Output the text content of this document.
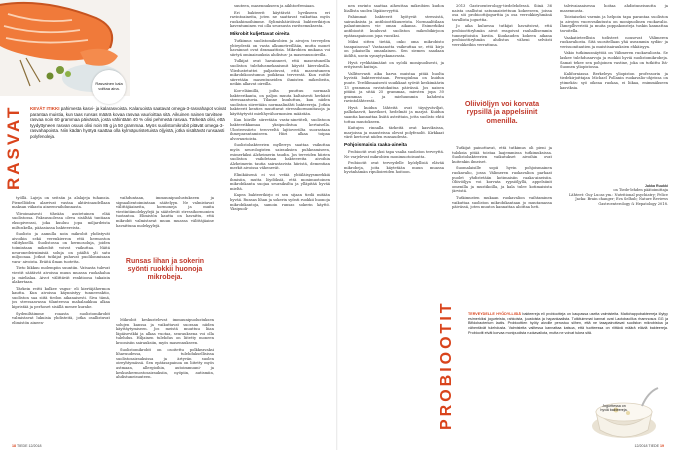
Rasvainen kala voittaa aina.
RASVAT KEVÄT ITIKKI pahimesta kasvi- ja kalarasvoista. Kalaruoista saatavat omega-3-rasvahapot voivat parantaa muistia, kun taas runsas määrä kovaa rasvaa vaurioittaa sitä. Aikuinen nainen tarvitsee rasvaa noin 60 grammaa päivässä, josta vähintään 40 % olisi pehmeää rasvaa. Tärkeää olisi, että tyydyttyneen rasvan osuus olisi noin 85 g ja 50 grammaa. Myös suolistomikrobit pitävät omega-3-rasvahapoista. Niin kädän hyötyä saattaa olla kylmäpuristetuista öljyistä, jotka sisältävät runsaasti polyfenoleja.

työllä. Lajeja on seitsän ja alalajeja tuhansia. Pienellöiden alarrivat vastaa aktiivinaudellaan maksan viikasta aineenvaihdunnasta.

Ylivoimaisesti tiheään asutetuinen elää suolistossa. Paksusuolessa oleva sisältää tuntiaan eksopivenssi, joka kuuluu jopa miljardeista miltoskella, pääasiassa bakteereista.

Suolisto ja aamulla noin mikrobit yhdistyvät aivoihin sekä verenkierron että hermoston välityksellä. Suolistossa on hermosolujа, joiden toimintaan mikrobit voivat vaikuttaa. Näitä neuronedeirnimisiä soluja on päältä yli satu miljoonaa. Jotkut tutkijat puhuvat puolilonmisaan vara- aivoista. Eräitä ilman tuotetta.

Tieto liikkuu molempiin suuntiin. Vatsasta tulevat viestit säätävät aivoissa muun muassa ruokahalua ja mielialaa. Aivot välittävät reaktioosa takaisin alakertaan.

Tärkein reitti kulkee vagus- eli kiertäjähermon kautta. Kun aivoissa käynnistyy tunnereaktio, suoliston saa siitä tiedon aikanaisesti. Siva tämä, jos stressaavassa tilanteessa mahalaukkua alkaa kipristää ja perhoset sisällä menee kurahe.

Sydeniltäimme roaasta suolistomikrobit valmistavat lukuisia yhdisteitä, jotka osallistuvat elimistön aineen-

vaihduntaan, immuunipuolustukseen ja signaalientoimintaan säätelyyn. Ne valmistavat välittäjäaineita, hormoneja ja muita viestintämolekyylejä ja säätelevät stressihormonien tuotantoa. Elimistön kautta on havaittu, että mikrobit valmistavat muun muassa välittäjäaine havaittuna molekyylejä.

Runsas lihan ja sokerin syönti ruokkii huonoja mikrobeja.

Mikrobit keskustelevat immuunipuolustuksen solujen kanssa ja vaikuttavat suoraan niiden käyttäytymiseen. Jos meistä muuttuu liian läpäisevikki ja alkaa vuotaa, seurauksena voi olla tulehdus. Hiljainen tulehdus on liitetty moneen kroonisiin sairauksiin, myös masennukseen.

Suolistomikrobit on osoitettu polkkeavaksi lihavuudessa, tulehduksellisissa suolistosairauksissa ja ärtyvän suolen oireyhtymässä. Sen epätasapainoa on liitetty myös astmaan, allergioihin, autoimmuuni- ja keskushermostosairauksiin, nyöpiin, autismiin, ahdistuneisuuteen.

suuteen, masennukseen ja aikhtorfreniaan.

Eri bakteerit käyttävät hyvikseen eri ravintoaineita, joten ne saattavat vaikuttaa myös ruokahimoihimme. Sylimishäiriöissä bakteerikirjon kaventuminen voi olla seurausta ravitsemuksesta.

Mikrobit kuljettavat oireita

Tutkimus suolistomikrobien ja aivojen terveyden yhteydestä on vasta alkumetreillään, mutta monet havainnot ovat dramaattisia. Mikrobien mukana voi siirtyä ominaisuuksia ahdistus- ja masennusoireilla.

Tulkijat ovat havainneet, että masentuneilla suoliston tulehdusmekanismit käyvät kierroksilla. Yliedustetuttei paljastuvat, että masentuneen mikrobikoostumus poikkeaa terveestä. Kun roitile siirretään masentuneiden ihmisten mikrobeita, neikin alkavat oireilla.

Koe-eläimillä, joilta puuttuu normaali bakteerikanta, on paljon muuta kaltaisesti herkästi stressaantuvia. Tilanne kuuluttuu, kun niiden suoliston siirretään normaalinähti bakteereja. Jotkin bakteerit kenties muuttavat stressihormonitasoja ja käyttäytyvät mielihyvähormonien määrään.

Kun hiirille siirretään vasta-ainetiteli, suolistoon bakteerikkamaa yksipuolistua kertaisella. Ulosteessiirto teroveeltä lajitoveriilta suorastaan ihmeparantamiseen. Hiiri alkaa toipaa alvovaurioista.

Suolistobakteerien myllerrys saattaa vaikuttaa myös neurologisten sairauksien puhkeamiseen, esimerkiksi Alzheimerin taudin. Jos terveiden hiirien suoliston vaihdetaan bakteereita aivoihin Alzheimerin tautia sairastavista hiiristä, dementian merkit aivoissa vähenevät.

Elinikäisenä ei voi vetää yhtäläisyysmerkkiä ihmisiin, mutta löydöksiä, että monimuotoinen mikrobikanta suojaa seuraiksilta ja ylläpitää hyvää mieltä.

Kapea bakteerikirjo ei sen sijaan tiedä mitään hyvää. Runsas lihan ja sokerin syönti ruokkii huonoja mikrobikantoja, samoin runsas sokerin käyttö. Yksipuoli-

18 TIEDE 12/2018

nen ravinto saattaa aiheuttaa mikrobien kudon liiallista suolen läpäisevyyttä.

Pahimmat bakteerit hyötyvät stressistä, sairauksista ja antibioottikuureista. Normaalitilaan palautuminen vie oman aikansa. Esimerkiksi antibiootit kuuluvat suoliston mikrobikirjoon epätasapainoon jopa vuosiksi.

Miksi sitten tietää, onko oma mikrobisto tasapainossa? Vastaanotta vaikeuttaa se, että kirjo on jokaisella omanlainen. Sen siemen saadaan äidiltä, usein synnytyskanavasta.

Hyvä ryvkkäämäänt on syödä monipuolisesti, ja erityisesti kuituja.

Vallitsevasti aika harva muistaa pitää huolta hyvistä bakteereistaan. Perusgiulma on kuidun puute. Terdilimaaisesti suuikkaat syövät keskimäärin 13 grammaa ravintokuitua päivässä. Jos naisen pitäisi ja sitää 25 grammaa, miesten jopa 30 grammaa – ja mieluummin kahdesta ravintolähteestä.

Hyvä kuidun lähteitä ovat täysjyväviljat, palkokasvit, kasvikset, hedelmät ja marjat. Kuidun saantia kannattaa lisätä asteittain, jotta suolisto ehtii tottua muutokseen.

Kuitujen rinnalla tärkeitä ovat kasviksissa, marjoissa ja mausteissa olevat polyfenolit. Kirkkaat värit kertovat niiden runsaudesta.

Pohjoismaisia raaka-aineita

Probiootit ovat yksi tapa vaalia suoliston terveyttä. Ne varjelevat mikrobien monimuotoisuutta.

Probiootit ovat terveydelle hyödyllisiä elävää mikrobeja, joita käytetään muun muassa hyvänhämän ripulioireiden hoitoon.

2013 Gastroenterology-tiedelehdessä. Siinä 36 naista osallistui satunnaistettuun kokeeseen, joissa osa söi probioottijogurttia ja osa verrokkiryhmänä tavallista jogurttia.

Jo aika kuluessa tutkijat havaitsivat, että probioottiryhmän aivot reagoivat rauhallisemmin tunnepitoisiin kuviin. Kuukauden kokeen aikana probioottiryhmän ahdistus väheni selvästi verrokkeihin verrattuna.

Oliiviöljyn voi korvata rypsillä ja appelsiinit omenilla.

Tutkijat painottavat, että tutkimus oli pieni ja tuloksia pitää toistaa laajemmissa tutkimuksissa. Suolistobakteerien vaikutukset aivoihin ovat kuitenkin ilmeiset.

Suomalaisille sopii hyvin pohjoismainen ruokavalio, jossa Välimeren ruokavalion parhaat puolet yhdistetään kotimaisiin raaka-aineisiin. Oliiviöljyn voi korvata rypsiöljyllä, appelsiinit omenilla ja mustikoilla, ja kala tulee kotimaisista järvistä.

Tutkimusten mukaan ruokavalion vaihtaminen vaikuttaa suoliston mikrobikantaan jo muutamassa päivässä, joten muutos kannattaa aloittaa heti.

talvivaiasaisessa hoitaa ahdistuneisuutta ja masennusta.

Toistaiseksi varmin ja helpoin tapa parantaa suoliston ja aivojen vuorovaikutusta on monipuolinen ruokavalio. Ihmeplliveristä ja muita poppakonsteja tuskin kannattaa tavoitella.

Vaakatieteellisin todisteet nousevat Välimeren ruokavaliosta. Sitä suositellaan yhä useammin sydän- ja verisuonitautien ja muistisairauksien ehkäisyyn.

Vakio tutkimusnäyttöä on Välimeren ruokavaliosta. Se laskee tulehdusarvoja ja ruokkii hyviä suolistomikrobeja. Samat tekee sen pohjoinen vastine, joka on tutkittu Itä-Suomen yliopistossa.

Kaliforniassa Berkeleyn yliopiston professorin ja tiedekirjoittajan Michael Pollanin ruokavalio-ohjeissa on ytimekäs: syö oikeaa ruokaa, ei liikaa, enimmäkseen kasviksia.

Jukka Ruukki
on Tiede-lehden päätoimittaja
Lähteet: Guy Lucas ym.: Nutritional psychiatry; Felice Jacka: Brain changer; Eva Selhub; Nature Reviews Gastroenterology & Hepatology 2018.
PROBIOOTIT	TERVEYDELLE HYÖDYLLISIÄ bakteereja eli probiootteja on kaupassa useita valmisteita. Maitohappobakteereja löytyy esimerkiksi jogurteista, rahkoista, juustoista ja hapankaalista. Tutkituimmat kannat ovat Lactobacillus rhamnosus GG ja Bifidobacterium lactis. Probioottien hyöty aivoille perustuu siihen, että ne tasapainottavat suoliston mikrobistoa ja vähentävät tulehdusta. Valmisteita valitessa kannattaa katsoa, että tuotteessa on riittävä määrä eläviä bakteereja. Probiootit eivät korvaa monipuolista ruokavaliota, mutta ne voivat tukea sitä.
Jogurttessa on hyviä bakteereja.
12/2018 TIEDE 19
